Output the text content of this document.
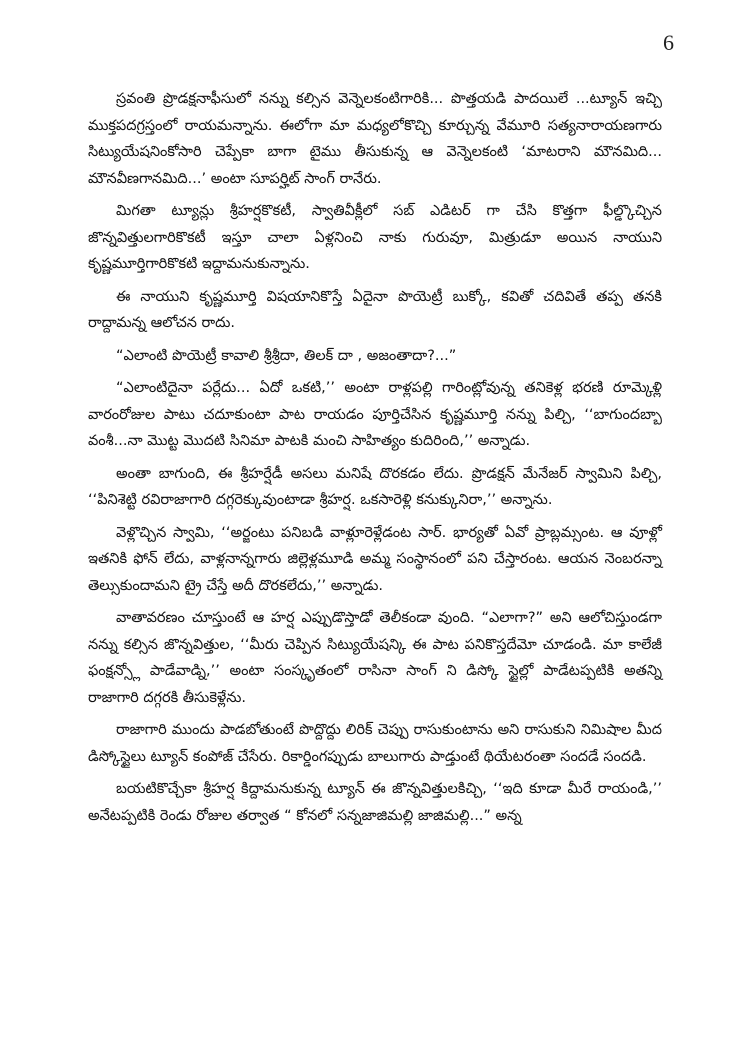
6

స్రవంతి ప్రొడక్షనాఫీసులో నన్ను కల్సిన వెన్నెలకంటిగారికి... పొత్తయడి పాదయిలే ...ట్యూన్ ఇచ్చి ముక్తపదగ్రస్తంలో రాయమన్నాను. ఈలోగా మా మధ్యలోకొచ్చి కూర్చున్న వేమూరి సత్యనారాయణగారు సిట్యుయేషనింకోసారి చెప్పేకా బాగా టైము తీసుకున్న ఆ వెన్నెలకంటి ‘మాటరాని మౌనమిది... మౌనవీణగానమిది...’ అంటా సూపర్హిట్ సాంగ్ రానేరు.

మిగతా ట్యూన్లు శ్రీహర్షకొకటీ, స్వాతివీక్లీలో సబ్ ఎడిటర్ గా చేసి కొత్తగా ఫీల్డ్కొచ్చిన జొన్నవిత్తులగారికొకటీ ఇస్తూ చాలా ఏళ్లనించి నాకు గురువూ, మిత్రుడూ అయిన నాయుని కృష్ణమూర్తిగారికొకటి ఇద్దామనుకున్నాను.

ఈ నాయుని కృష్ణమూర్తి విషయానికొస్తే ఏదైనా పొయెట్రీ బుక్కో, కవితో చదివితే తప్ప తనకి రాద్దామన్న ఆలోచన రాదు.

“ఎలాంటి పొయెట్రీ కావాలి శ్రీశ్రీదా, తిలక్ దా , అజంతాదా?...”

“ఎలాంటిదైనా పర్లేదు... ఏదో ఒకటి,’’ అంటా రాళ్లపల్లి గారింట్లోవున్న తనికెళ్ల భరణి రూమ్కెళ్లి వారంరోజుల పాటు చదూకుంటా పాట రాయడం పూర్తిచేసిన కృష్ణమూర్తి నన్ను పిల్చి, ‘‘బాగుందబ్బా వంశీ...నా మొట్ట మొదటి సినిమా పాటకి మంచి సాహిత్యం కుదిరింది,’’ అన్నాడు.

అంతా బాగుంది, ఈ శ్రీహర్షేడీ అసలు మనిషే దొరకడం లేదు. ప్రొడక్షన్ మేనేజర్ స్వామిని పిల్చి, ‘‘పినిశెట్టి రవిరాజాగారి దగ్గరెక్కువుంటాడా శ్రీహర్ష. ఒకసారెళ్లి కనుక్కునిరా,’’ అన్నాను.

వెళ్లొచ్చిన స్వామి, ‘‘అర్జంటు పనిబడి వాళ్లూరెళ్లేడంట సార్. భార్యతో ఏవో ప్రాబ్లమ్సంట. ఆ వూళ్లో ఇతనికి ఫోన్ లేదు, వాళ్లనాన్నగారు జిల్లెళ్లమూడి అమ్మ సంస్థానంలో పని చేస్తారంట. ఆయన నెంబరన్నా తెల్సుకుందామని ట్రై చేస్తే అదీ దొరకలేదు,’’ అన్నాడు.

వాతావరణం చూస్తుంటే ఆ హర్ష ఎప్పుడొస్తాడో తెలీకండా వుంది. “ఎలాగా?” అని ఆలోచిస్తుండగా నన్ను కల్సిన జొన్నవిత్తుల, ‘‘మీరు చెప్పిన సిట్యుయేషన్కి ఈ పాట పనికొస్తదేమో చూడండి. మా కాలేజీ ఫంక్షన్స్లో పాడేవాడ్ని,’’ అంటా సంస్కృతంలో రాసినా సాంగ్ ని డిస్కో స్టైల్లో పాడేటప్పటికి అతన్ని రాజాగారి దగ్గరకి తీసుకెళ్లేను.

రాజాగారి ముందు పాడబోతుంటే పొద్దొద్దు లిరిక్ చెప్పు రాసుకుంటాను అని రాసుకుని నిమిషాల మీద డిస్కోస్టైలు ట్యూన్ కంపోజ్ చేసేరు. రికార్డింగప్పుడు బాలుగారు పాడ్తుంటే థియేటరంతా సందడే సందడి.

బయటికొచ్చేకా శ్రీహర్ష కిద్దామనుకున్న ట్యూన్ ఈ జొన్నవిత్తులకిచ్చి, ‘‘ఇది కూడా మీరే రాయండి,’’ అనేటప్పటికి రెండు రోజుల తర్వాత “ కోనలో సన్నజాజిమల్లి జాజిమల్లి...” అన్న
